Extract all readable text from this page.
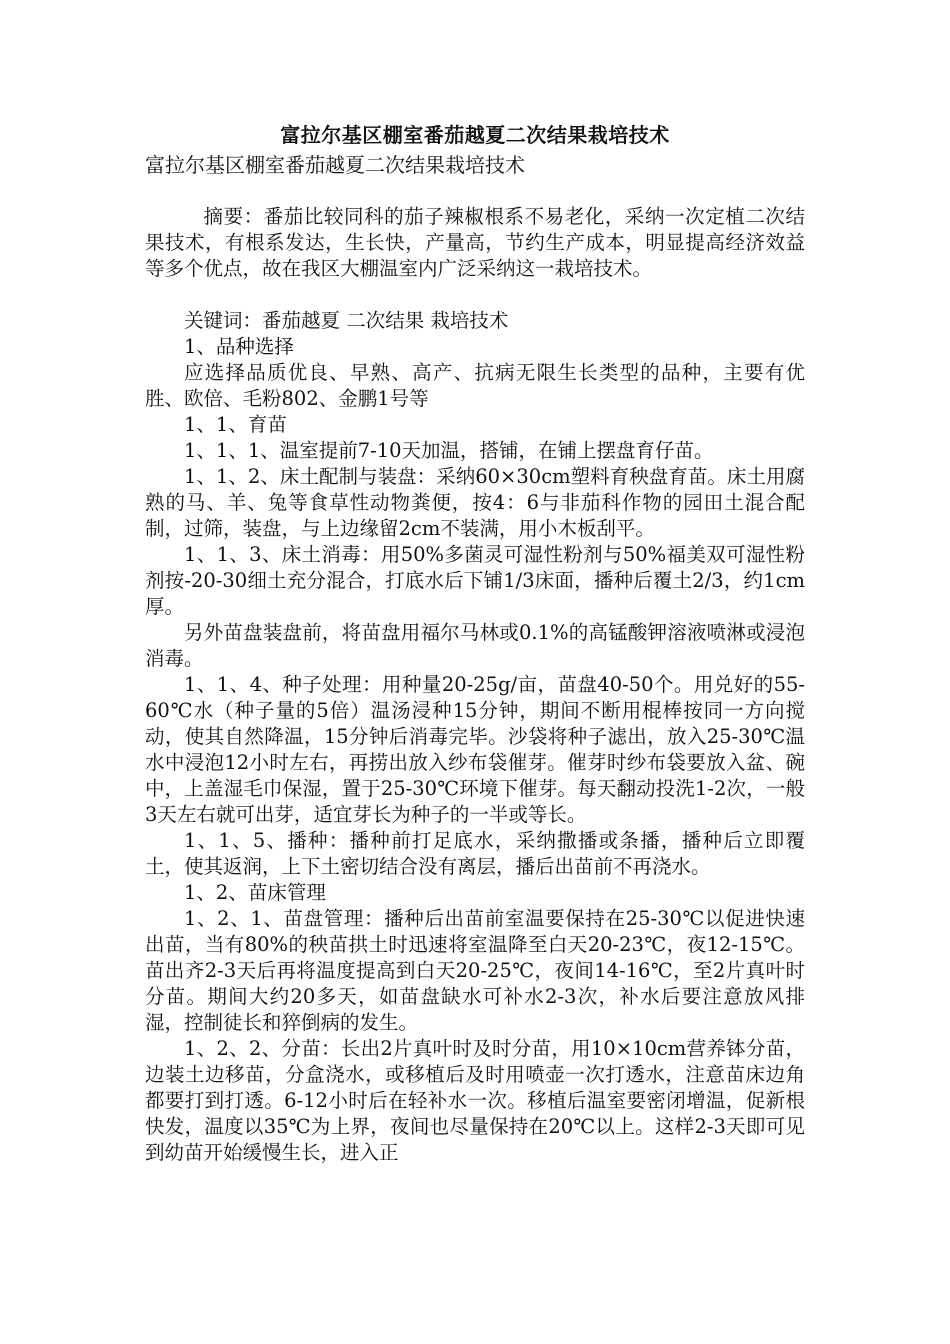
富拉尔基区棚室番茄越夏二次结果栽培技术

富拉尔基区棚室番茄越夏二次结果栽培技术

摘要：番茄比较同科的茄子辣椒根系不易老化，采纳一次定植二次结果技术，有根系发达，生长快，产量高，节约生产成本，明显提高经济效益等多个优点，故在我区大棚温室内广泛采纳这一栽培技术。

关键词：番茄越夏 二次结果 栽培技术

1、品种选择

应选择品质优良、早熟、高产、抗病无限生长类型的品种，主要有优胜、欧倍、毛粉802、金鹏1号等

1、1、育苗

1、1、1、温室提前7-10天加温，搭铺，在铺上摆盘育仔苗。

1、1、2、床土配制与装盘：采纳60×30cm塑料育秧盘育苗。床土用腐熟的马、羊、兔等食草性动物粪便，按4：6与非茄科作物的园田土混合配制，过筛，装盘，与上边缘留2cm不装满，用小木板刮平。

1、1、3、床土消毒：用50%多菌灵可湿性粉剂与50%福美双可湿性粉剂按-20-30细土充分混合，打底水后下铺1/3床面，播种后覆土2/3，约1cm厚。

另外苗盘装盘前，将苗盘用福尔马林或0.1%的高锰酸钾溶液喷淋或浸泡消毒。

1、1、4、种子处理：用种量20-25g/亩，苗盘40-50个。用兑好的55-60℃水（种子量的5倍）温汤浸种15分钟，期间不断用棍棒按同一方向搅动，使其自然降温，15分钟后消毒完毕。沙袋将种子滤出，放入25-30℃温水中浸泡12小时左右，再捞出放入纱布袋催芽。催芽时纱布袋要放入盆、碗中，上盖湿毛巾保湿，置于25-30℃环境下催芽。每天翻动投洗1-2次，一般3天左右就可出芽，适宜芽长为种子的一半或等长。

1、1、5、播种：播种前打足底水，采纳撒播或条播，播种后立即覆土，使其返润，上下土密切结合没有离层，播后出苗前不再浇水。

1、2、苗床管理

1、2、1、苗盘管理：播种后出苗前室温要保持在25-30℃以促进快速出苗，当有80%的秧苗拱土时迅速将室温降至白天20-23℃，夜12-15℃。苗出齐2-3天后再将温度提高到白天20-25℃，夜间14-16℃，至2片真叶时分苗。期间大约20多天，如苗盘缺水可补水2-3次，补水后要注意放风排湿，控制徒长和猝倒病的发生。

1、2、2、分苗：长出2片真叶时及时分苗，用10×10cm营养钵分苗，边装土边移苗，分盒浇水，或移植后及时用喷壶一次打透水，注意苗床边角都要打到打透。6-12小时后在轻补水一次。移植后温室要密闭增温，促新根快发，温度以35℃为上界，夜间也尽量保持在20℃以上。这样2-3天即可见到幼苗开始缓慢生长，进入正
